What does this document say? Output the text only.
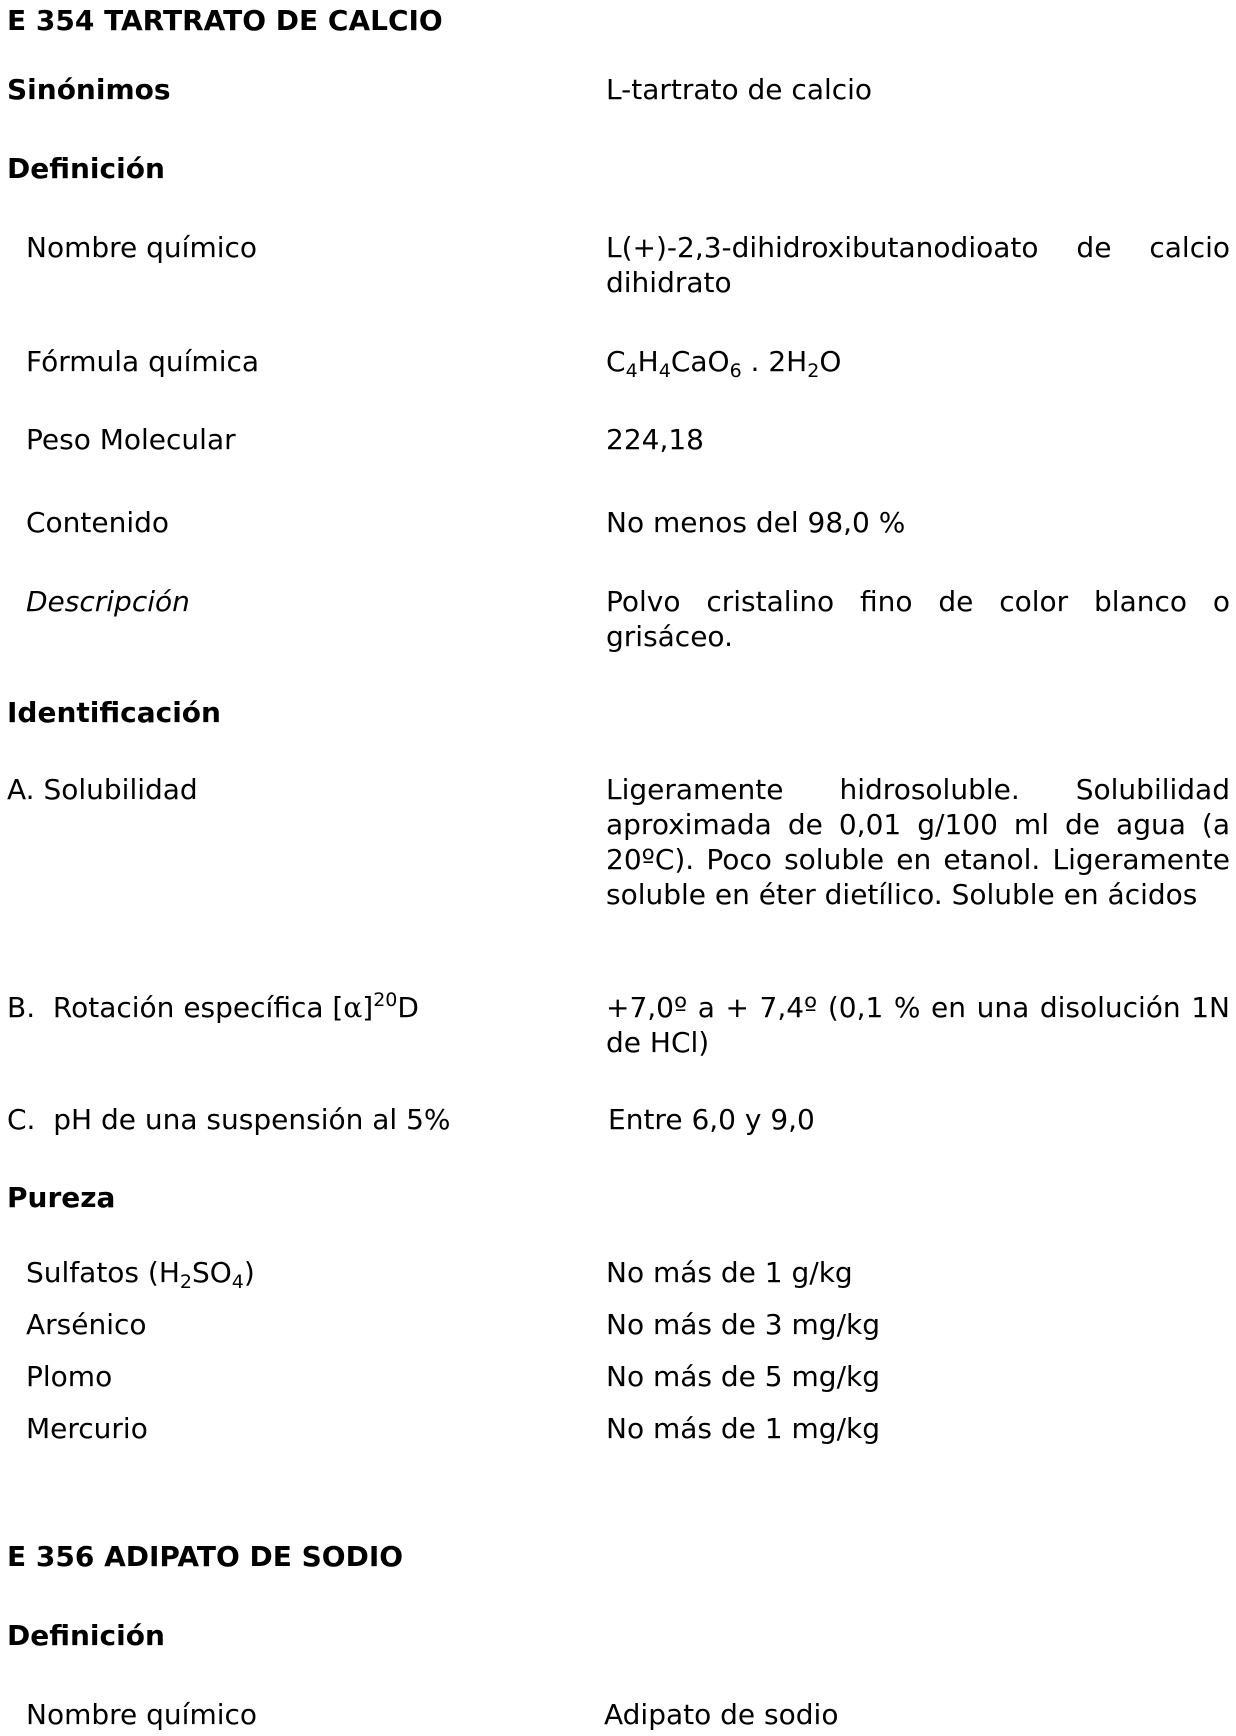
E 354 TARTRATO DE CALCIO
Sinónimos	L-tartrato de calcio
Definición
Nombre químico	L(+)-2,3-dihidroxibutanodioato de calcio dihidrato
Fórmula química	$C_4H_4CaO_6$ . $2H_2O$
Peso Molecular	224,18
Contenido	No menos del 98,0 %
Descripción	Polvo cristalino fino de color blanco o grisáceo.
Identificación
A. Solubilidad	Ligeramente hidrosoluble. Solubilidad aproximada de 0,01 g/100 ml de agua (a 20ºC). Poco soluble en etanol. Ligeramente soluble en éter dietílico. Soluble en ácidos
B.  Rotación específica $[\alpha]^{20}D$	+7,0º a + 7,4º (0,1 % en una disolución 1N de HCl)
C.  pH de una suspensión al 5%	Entre 6,0 y 9,0
Pureza
Sulfatos $(H_2SO_4)$	No más de 1 g/kg
Arsénico	No más de 3 mg/kg
Plomo	No más de 5 mg/kg
Mercurio	No más de 1 mg/kg
E 356 ADIPATO DE SODIO
Definición
Nombre químico	Adipato de sodio
